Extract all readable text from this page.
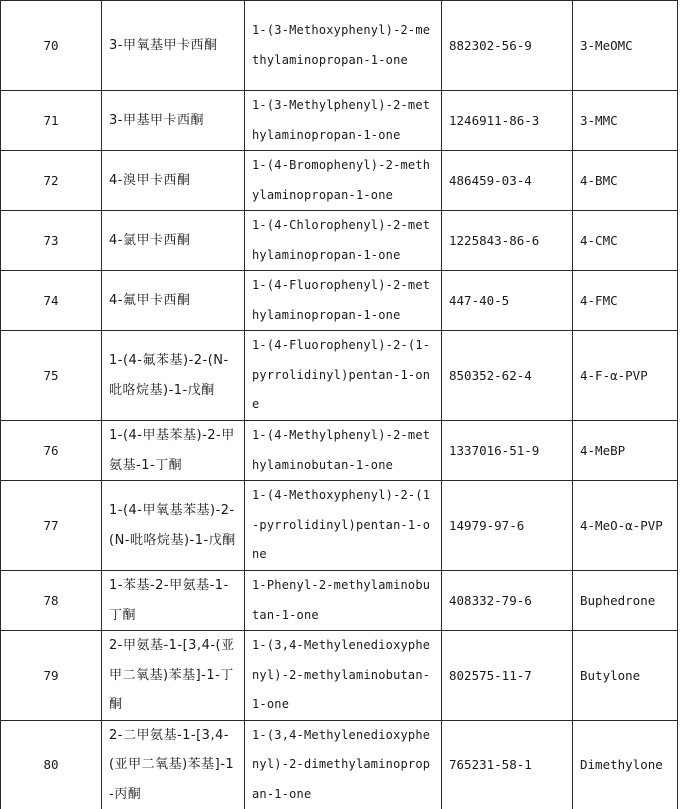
70	3-甲氧基甲卡西酮	1-(3-Methoxyphenyl)-2-methylaminopropan-1-one	882302-56-9	3-MeOMC
71	3-甲基甲卡西酮	1-(3-Methylphenyl)-2-methylaminopropan-1-one	1246911-86-3	3-MMC
72	4-溴甲卡西酮	1-(4-Bromophenyl)-2-methylaminopropan-1-one	486459-03-4	4-BMC
73	4-氯甲卡西酮	1-(4-Chlorophenyl)-2-methylaminopropan-1-one	1225843-86-6	4-CMC
74	4-氟甲卡西酮	1-(4-Fluorophenyl)-2-methylaminopropan-1-one	447-40-5	4-FMC
75	1-(4-氟苯基)-2-(N-吡咯烷基)-1-戊酮	1-(4-Fluorophenyl)-2-(1-pyrrolidinyl)pentan-1-one	850352-62-4	4-F-α-PVP
76	1-(4-甲基苯基)-2-甲氨基-1-丁酮	1-(4-Methylphenyl)-2-methylaminobutan-1-one	1337016-51-9	4-MeBP
77	1-(4-甲氧基苯基)-2-(N-吡咯烷基)-1-戊酮	1-(4-Methoxyphenyl)-2-(1-pyrrolidinyl)pentan-1-one	14979-97-6	4-MeO-α-PVP
78	1-苯基-2-甲氨基-1-丁酮	1-Phenyl-2-methylaminobutan-1-one	408332-79-6	Buphedrone
79	2-甲氨基-1-[3,4-(亚甲二氧基)苯基]-1-丁酮	1-(3,4-Methylenedioxyphenyl)-2-methylaminobutan-1-one	802575-11-7	Butylone
80	2-二甲氨基-1-[3,4-(亚甲二氧基)苯基]-1-丙酮	1-(3,4-Methylenedioxyphenyl)-2-dimethylaminopropan-1-one	765231-58-1	Dimethylone
